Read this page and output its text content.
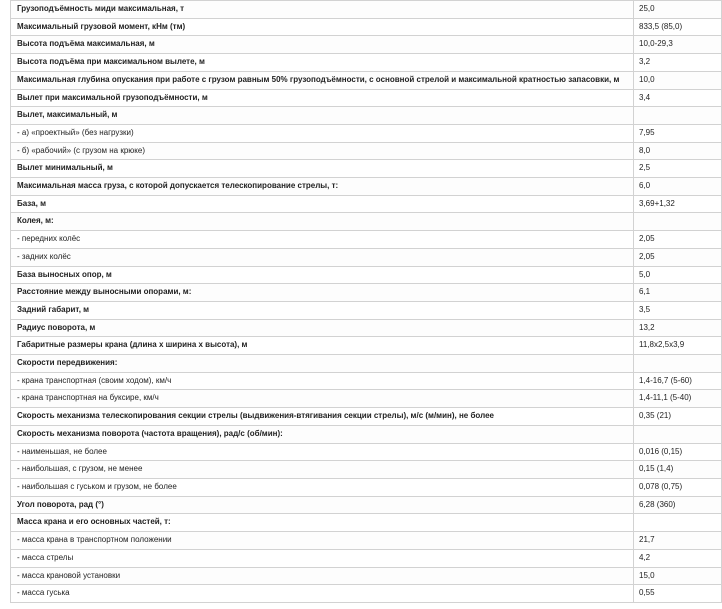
Грузоподъёмность миди максимальная, т	25,0
Максимальный грузовой момент, кНм (тм)	833,5 (85,0)
Высота подъёма максимальная, м	10,0-29,3
Высота подъёма при максимальном вылете, м	3,2
Максимальная глубина опускания при работе с грузом равным 50% грузоподъёмности, с основной стрелой и максимальной кратностью запасовки, м	10,0
Вылет при максимальной грузоподъёмности, м	3,4
Вылет, максимальный, м	
- а) «проектный» (без нагрузки)	7,95
- б) «рабочий» (с грузом на крюке)	8,0
Вылет минимальный, м	2,5
Максимальная масса груза, с которой допускается телескопирование стрелы, т:	6,0
База, м	3,69+1,32
Колея, м:	
- передних колёс	2,05
- задних колёс	2,05
База выносных опор, м	5,0
Расстояние между выносными опорами, м:	6,1
Задний габарит, м	3,5
Радиус поворота, м	13,2
Габаритные размеры крана (длина х ширина х высота), м	11,8х2,5х3,9
Скорости передвижения:	
- крана транспортная (своим ходом), км/ч	1,4-16,7 (5-60)
- крана транспортная на буксире, км/ч	1,4-11,1 (5-40)
Скорость механизма телескопирования секции стрелы (выдвижения-втягивания секции стрелы), м/с (м/мин), не более	0,35 (21)
Скорость механизма поворота (частота вращения), рад/с (об/мин):	
- наименьшая, не более	0,016 (0,15)
- наибольшая, с грузом, не менее	0,15 (1,4)
- наибольшая с гуськом и грузом, не более	0,078 (0,75)
Угол поворота, рад (°)	6,28 (360)
Масса крана и его основных частей, т:	
- масса крана в транспортном положении	21,7
- масса стрелы	4,2
- масса крановой установки	15,0
- масса гуська	0,55
